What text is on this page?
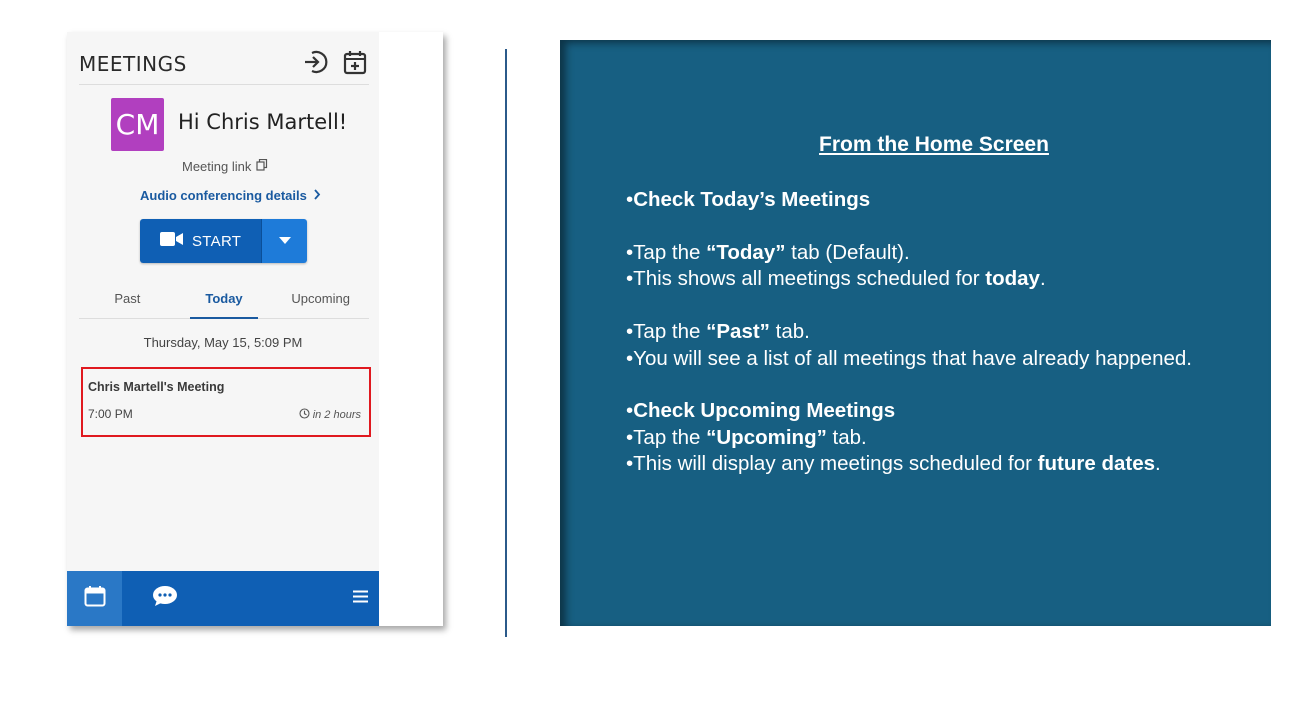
MEETINGS
CM Hi Chris Martell!
Meeting link
Audio conferencing details
START
Past	Today	Upcoming
Thursday, May 15, 5:09 PM
Chris Martell's Meeting
7:00 PM	in 2 hours
From the Home Screen
•Check Today’s Meetings
•Tap the “Today” tab (Default).
•This shows all meetings scheduled for today.
•Tap the “Past” tab.
•You will see a list of all meetings that have already happened.
•Check Upcoming Meetings
•Tap the “Upcoming” tab.
•This will display any meetings scheduled for future dates.
